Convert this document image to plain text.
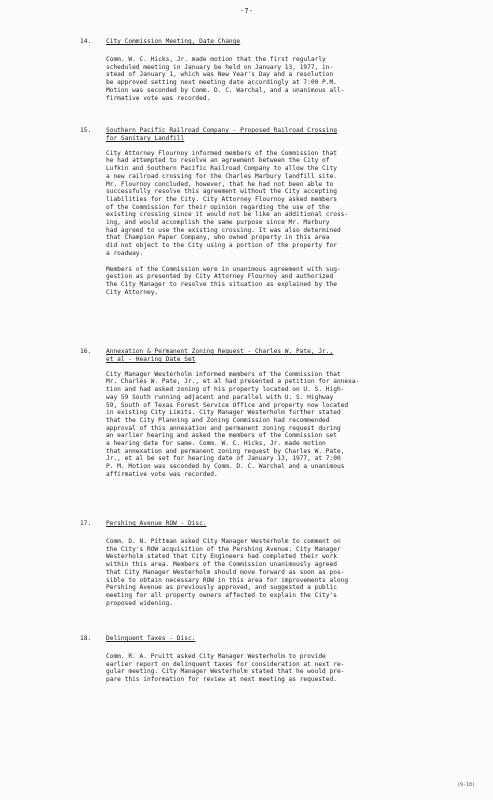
-7-
14. City Commission Meeting, Date Change

Comm. W. C. Hicks, Jr. made motion that the first regularly
scheduled meeting in January be held on January 13, 1977, in-
stead of January 1, which was New Year's Day and a resolution
be approved setting next meeting date accordingly at 7:00 P.M.
Motion was seconded by Comm. D. C. Warchal, and a unanimous all-
firmative vote was recorded.

15. Southern Pacific Railroad Company - Proposed Railroad Crossing
for Sanitary Landfill

City Attorney Flournoy informed members of the Commission that
he had attempted to resolve an agreement between the City of
Lufkin and Southern Pacific Railroad Company to allow the City
a new railroad crossing for the Charles Marbury landfill site.
Mr. Flournoy concluded, however, that he had not been able to
successfully resolve this agreement without the City accepting
liabilities for the City. City Attorney Flournoy asked members
of the Commission for their opinion regarding the use of the
existing crossing since it would not be like an additional cross-
ing, and would accomplish the same purpose since Mr. Marbury
had agreed to use the existing crossing. It was also determined
that Champion Paper Company, who owned property in this area
did not object to the City using a portion of the property for
a roadway.

Members of the Commission were in unanimous agreement with sug-
gestion as presented by City Attorney Flournoy and authorized
the City Manager to resolve this situation as explained by the
City Attorney.

16. Annexation & Permanent Zoning Request - Charles W. Pate, Jr.,
et al - Hearing Date Set

City Manager Westerholm informed members of the Commission that
Mr. Charles W. Pate, Jr., et al had presented a petition for annexa-
tion and had asked zoning of his property located on U. S. High-
way 59 South running adjacent and parallel with U. S. Highway
59, South of Texas Forest Service Office and property now located
in existing City Limits. City Manager Westerholm further stated
that the City Planning and Zoning Commission had recommended
approval of this annexation and permanent zoning request during
an earlier hearing and asked the members of the Commission set
a hearing date for same. Comm. W. C. Hicks, Jr. made motion
that annexation and permanent zoning request by Charles W. Pate,
Jr., et al be set for hearing date of January 13, 1977, at 7:00
P. M. Motion was seconded by Comm. D. C. Warchal and a unanimous
affirmative vote was recorded.

17. Pershing Avenue ROW - Disc.

Comm. D. N. Pittman asked City Manager Westerholm to comment on
the City's ROW acquisition of the Pershing Avenue. City Manager
Westerholm stated that City Engineers had completed their work
within this area. Members of the Commission unanimously agreed
that City Manager Westerholm should move forward as soon as pos-
sible to obtain necessary ROW in this area for improvements along
Pershing Avenue as previously approved, and suggested a public
meeting for all property owners affected to explain the City's
proposed widening.

18. Delinquent Taxes - Disc.

Comm. R. A. Pruitt asked City Manager Westerholm to provide
earlier report on delinquent taxes for consideration at next re-
gular meeting. City Manager Westerholm stated that he would pre-
pare this information for review at next meeting as requested.

(9-10)
